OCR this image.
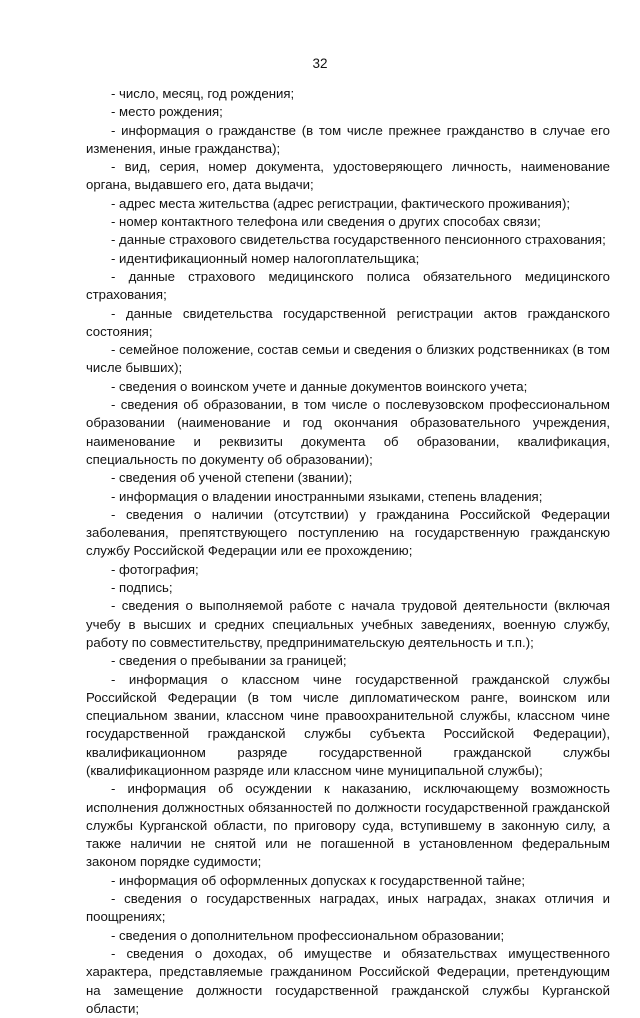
32

- число, месяц, год рождения;

- место рождения;

- информация о гражданстве (в том числе прежнее гражданство в случае его изменения, иные гражданства);

- вид, серия, номер документа, удостоверяющего личность, наименование органа, выдавшего его, дата выдачи;

- адрес места жительства (адрес регистрации, фактического проживания);

- номер контактного телефона или сведения о других способах связи;

- данные страхового свидетельства государственного пенсионного страхования;

- идентификационный номер налогоплательщика;

- данные страхового медицинского полиса обязательного медицинского страхования;

- данные свидетельства государственной регистрации актов гражданского состояния;

- семейное положение, состав семьи и сведения о близких родственниках (в том числе бывших);

- сведения о воинском учете и данные документов воинского учета;

- сведения об образовании, в том числе о послевузовском профессиональном образовании (наименование и год окончания образовательного учреждения, наименование и реквизиты документа об образовании, квалификация, специальность по документу об образовании);

- сведения об ученой степени (звании);

- информация о владении иностранными языками, степень владения;

- сведения о наличии (отсутствии) у гражданина Российской Федерации заболевания, препятствующего поступлению на государственную гражданскую службу Российской Федерации или ее прохождению;

- фотография;

- подпись;

- сведения о выполняемой работе с начала трудовой деятельности (включая учебу в высших и средних специальных учебных заведениях, военную службу, работу по совместительству, предпринимательскую деятельность и т.п.);

- сведения о пребывании за границей;

- информация о классном чине государственной гражданской службы Российской Федерации (в том числе дипломатическом ранге, воинском или специальном звании, классном чине правоохранительной службы, классном чине государственной гражданской службы субъекта Российской Федерации), квалификационном разряде государственной гражданской службы (квалификационном разряде или классном чине муниципальной службы);

- информация об осуждении к наказанию, исключающему возможность исполнения должностных обязанностей по должности государственной гражданской службы Курганской области, по приговору суда, вступившему в законную силу, а также наличии не снятой или не погашенной в установленном федеральным законом порядке судимости;

- информация об оформленных допусках к государственной тайне;

- сведения о государственных наградах, иных наградах, знаках отличия и поощрениях;

- сведения о дополнительном профессиональном образовании;

- сведения о доходах, об имуществе и обязательствах имущественного характера, представляемые гражданином Российской Федерации, претендующим на замещение должности государственной гражданской службы Курганской области;
